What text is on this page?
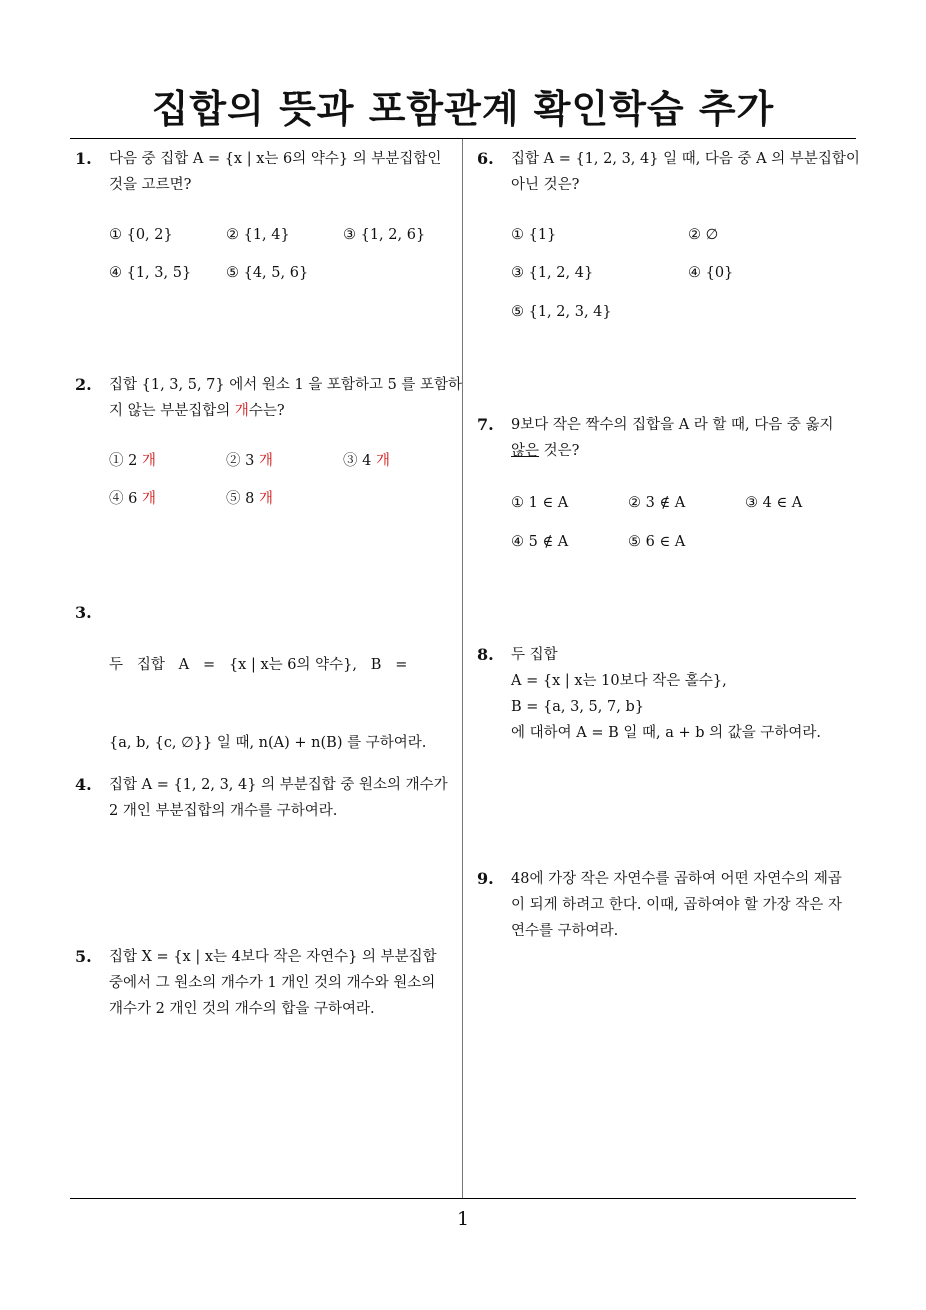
집합의 뜻과 포함관계 확인학습 추가
1. 다음 중 집합 A = {x | x는 6의 약수} 의 부분집합인
것을 고르면?
① {0, 2}	② {1, 4}	③ {1, 2, 6}
④ {1, 3, 5} ⑤ {4, 5, 6}
2. 집합 {1, 3, 5, 7} 에서 원소 1 을 포함하고 5 를 포함하
지 않는 부분집합의 개수는?
① 2 개	② 3 개	③ 4 개
④ 6 개	⑤ 8 개
3.

두   집합   A   =   {x | x는 6의 약수},   B   =

{a, b, {c, ∅}} 일 때, n(A) + n(B) 를 구하여라.

4. 집합 A = {1, 2, 3, 4} 의 부분집합 중 원소의 개수가
2 개인 부분집합의 개수를 구하여라.
5. 집합 X = {x | x는 4보다 작은 자연수} 의 부분집합
중에서 그 원소의 개수가 1 개인 것의 개수와 원소의
개수가 2 개인 것의 개수의 합을 구하여라.
6. 집합 A = {1, 2, 3, 4} 일 때, 다음 중 A 의 부분집합이
아닌 것은?
① {1}	② ∅
③ {1, 2, 4}	④ {0}
⑤ {1, 2, 3, 4}
7. 9보다 작은 짝수의 집합을 A 라 할 때, 다음 중 옳지
않은 것은?
① 1 ∈ A	② 3 ∉ A	③ 4 ∈ A
④ 5 ∉ A	⑤ 6 ∈ A
8. 두 집합
A = {x | x는 10보다 작은 홀수},
B = {a, 3, 5, 7, b}
에 대하여 A = B 일 때, a + b 의 값을 구하여라.
9. 48에 가장 작은 자연수를 곱하여 어떤 자연수의 제곱
이 되게 하려고 한다. 이때, 곱하여야 할 가장 작은 자
연수를 구하여라.
1
